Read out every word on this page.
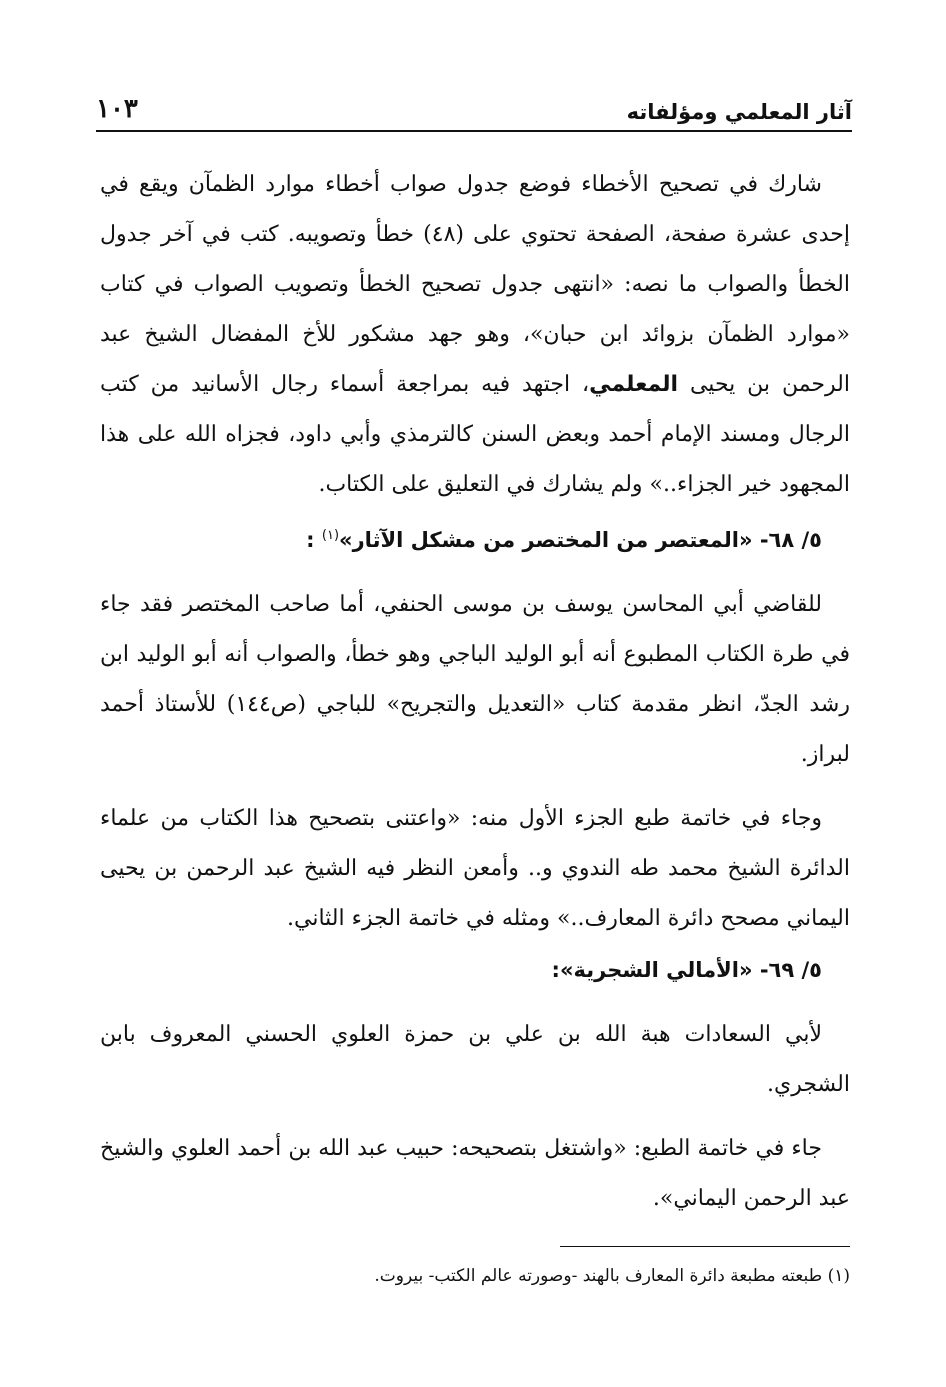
آثار المعلمي ومؤلفاته
١٠٣

شارك في تصحيح الأخطاء فوضع جدول صواب أخطاء موارد الظمآن ويقع في إحدى عشرة صفحة، الصفحة تحتوي على (٤٨) خطأ وتصويبه. كتب في آخر جدول الخطأ والصواب ما نصه: «انتهى جدول تصحيح الخطأ وتصويب الصواب في كتاب «موارد الظمآن بزوائد ابن حبان»، وهو جهد مشكور للأخ المفضال الشيخ عبد الرحمن بن يحيى المعلمي، اجتهد فيه بمراجعة أسماء رجال الأسانيد من كتب الرجال ومسند الإمام أحمد وبعض السنن كالترمذي وأبي داود، فجزاه الله على هذا المجهود خير الجزاء..» ولم يشارك في التعليق على الكتاب.

٥/ ٦٨- «المعتصر من المختصر من مشكل الآثار»$^{(١)}$ :

للقاضي أبي المحاسن يوسف بن موسى الحنفي، أما صاحب المختصر فقد جاء في طرة الكتاب المطبوع أنه أبو الوليد الباجي وهو خطأ، والصواب أنه أبو الوليد ابن رشد الجدّ، انظر مقدمة كتاب «التعديل والتجريح» للباجي (ص١٤٤) للأستاذ أحمد لبراز.

وجاء في خاتمة طبع الجزء الأول منه: «واعتنى بتصحيح هذا الكتاب من علماء الدائرة الشيخ محمد طه الندوي و.. وأمعن النظر فيه الشيخ عبد الرحمن بن يحيى اليماني مصحح دائرة المعارف..» ومثله في خاتمة الجزء الثاني.

٥/ ٦٩- «الأمالي الشجرية»:

لأبي السعادات هبة الله بن علي بن حمزة العلوي الحسني المعروف بابن الشجري.

جاء في خاتمة الطبع: «واشتغل بتصحيحه: حبيب عبد الله بن أحمد العلوي والشيخ عبد الرحمن اليماني».

(١) طبعته مطبعة دائرة المعارف بالهند -وصورته عالم الكتب- بيروت.
